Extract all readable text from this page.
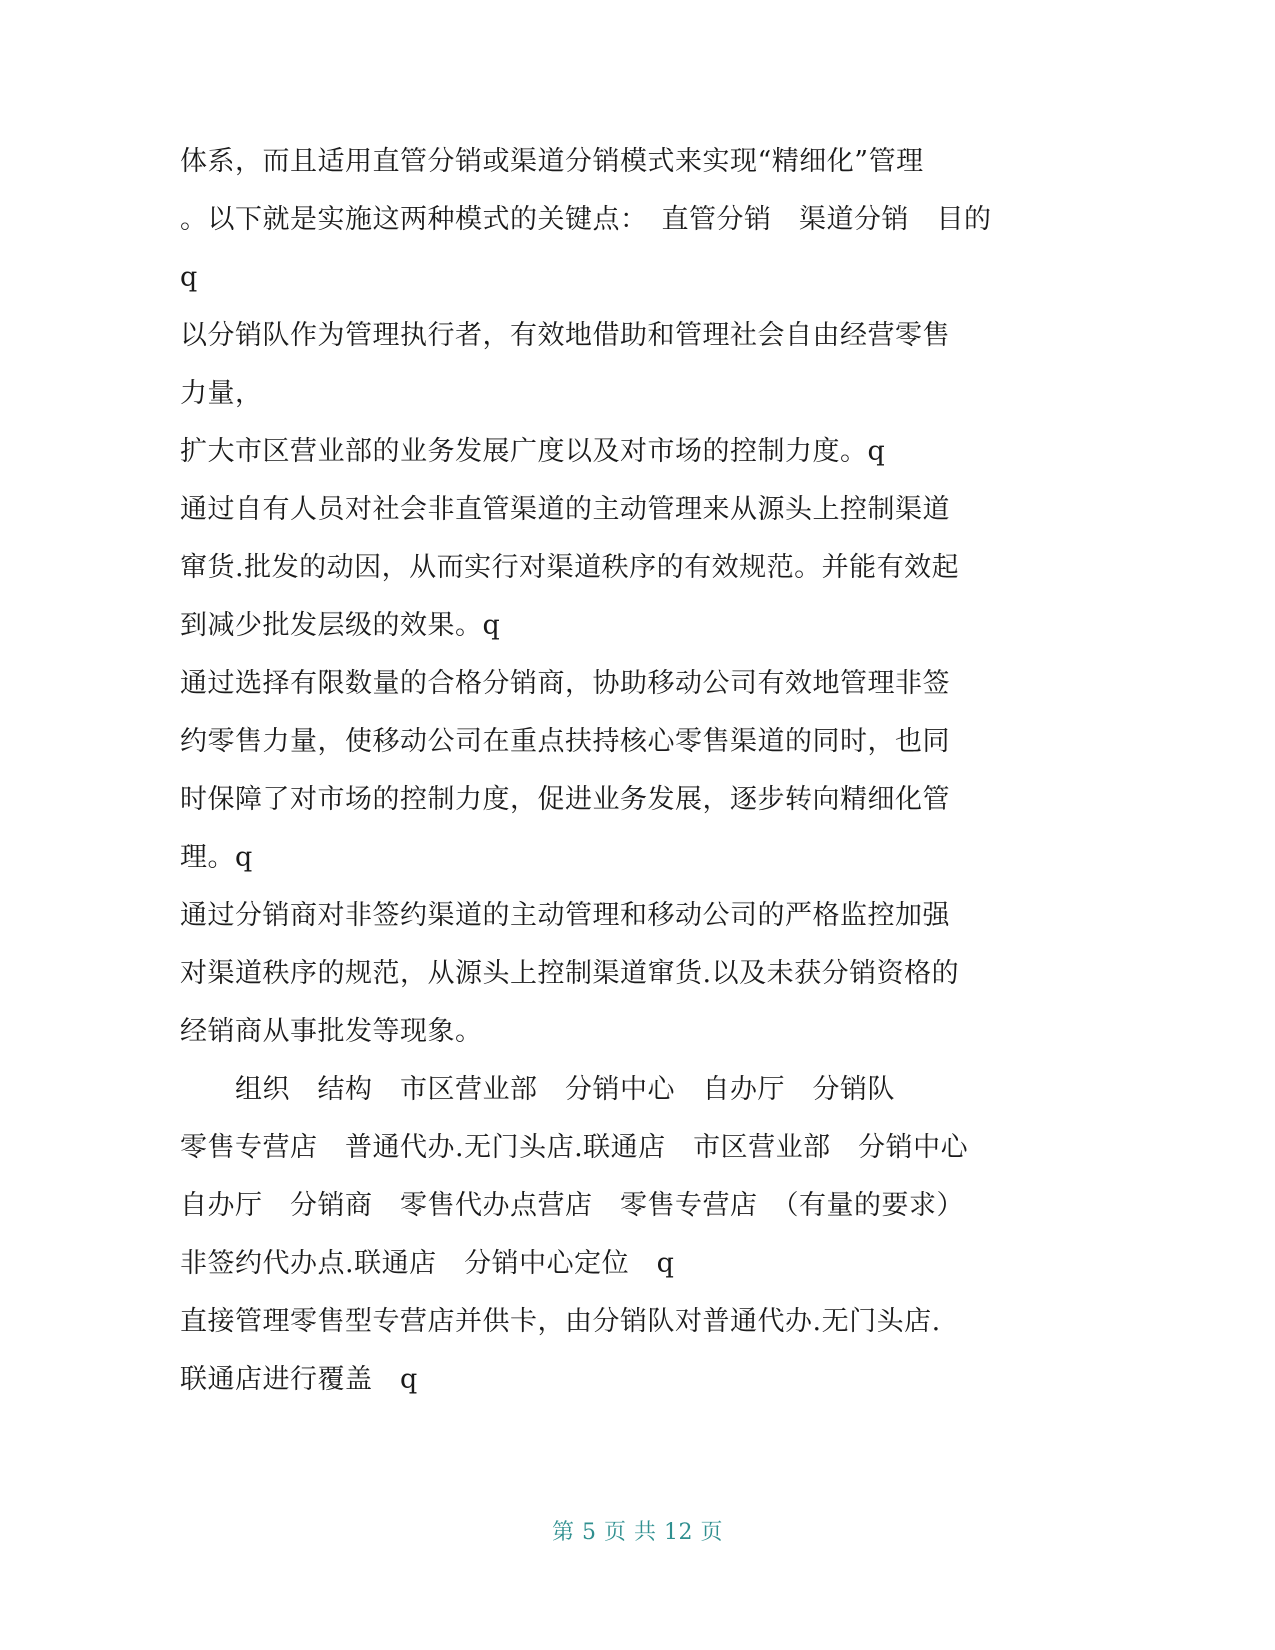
体系，而且适用直管分销或渠道分销模式来实现“精细化”管理
。以下就是实施这两种模式的关键点：　直管分销　渠道分销　目的
q
以分销队作为管理执行者，有效地借助和管理社会自由经营零售
力量，
扩大市区营业部的业务发展广度以及对市场的控制力度。q
通过自有人员对社会非直管渠道的主动管理来从源头上控制渠道
窜货.批发的动因，从而实行对渠道秩序的有效规范。并能有效起
到减少批发层级的效果。q
通过选择有限数量的合格分销商，协助移动公司有效地管理非签
约零售力量，使移动公司在重点扶持核心零售渠道的同时，也同
时保障了对市场的控制力度，促进业务发展，逐步转向精细化管
理。q
通过分销商对非签约渠道的主动管理和移动公司的严格监控加强
对渠道秩序的规范，从源头上控制渠道窜货.以及未获分销资格的
经销商从事批发等现象。
　　组织　结构　市区营业部　分销中心　自办厅　分销队
零售专营店　普通代办.无门头店.联通店　市区营业部　分销中心
自办厅　分销商　零售代办点营店　零售专营店　（有量的要求）
非签约代办点.联通店　分销中心定位　q
直接管理零售型专营店并供卡，由分销队对普通代办.无门头店.
联通店进行覆盖　q
第 5 页 共 12 页
